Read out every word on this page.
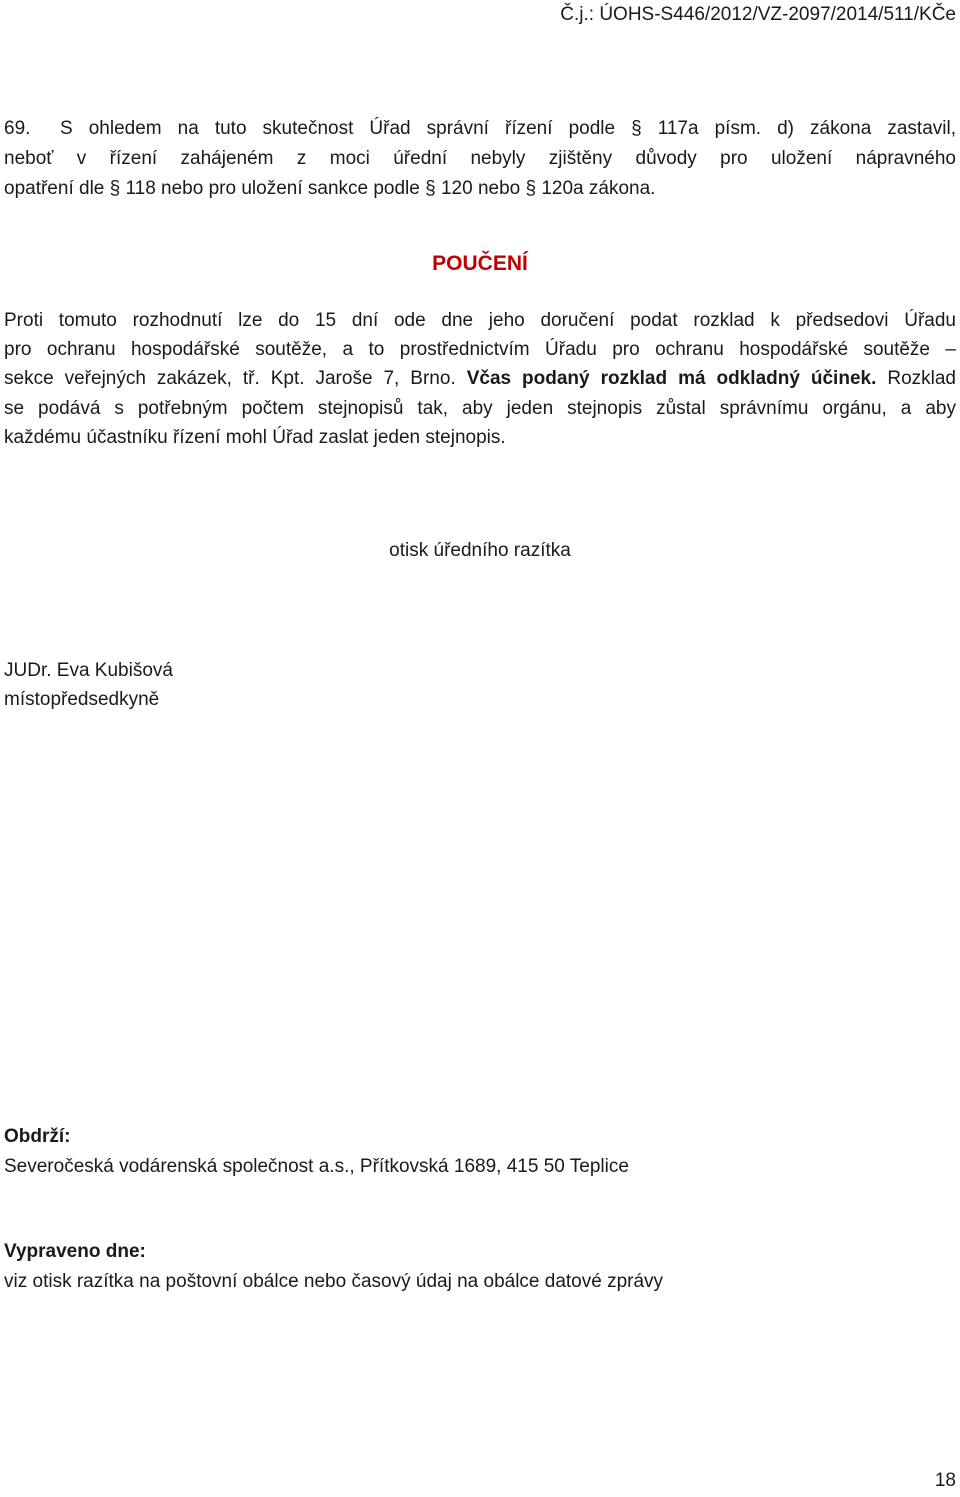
Č.j.: ÚOHS-S446/2012/VZ-2097/2014/511/KČe
69. S ohledem na tuto skutečnost Úřad správní řízení podle § 117a písm. d) zákona zastavil,
neboť v řízení zahájeném z moci úřední nebyly zjištěny důvody pro uložení nápravného
opatření dle § 118 nebo pro uložení sankce podle § 120 nebo § 120a zákona.
POUČENÍ
Proti tomuto rozhodnutí lze do 15 dní ode dne jeho doručení podat rozklad k předsedovi Úřadu
pro ochranu hospodářské soutěže, a to prostřednictvím Úřadu pro ochranu hospodářské soutěže –
sekce veřejných zakázek, tř. Kpt. Jaroše 7, Brno. Včas podaný rozklad má odkladný účinek. Rozklad
se podává s potřebným počtem stejnopisů tak, aby jeden stejnopis zůstal správnímu orgánu, a aby
každému účastníku řízení mohl Úřad zaslat jeden stejnopis.
otisk úředního razítka
JUDr. Eva Kubišová
místopředsedkyně
Obdrží:
Severočeská vodárenská společnost a.s., Přítkovská 1689, 415 50 Teplice
Vypraveno dne:
viz otisk razítka na poštovní obálce nebo časový údaj na obálce datové zprávy
18
